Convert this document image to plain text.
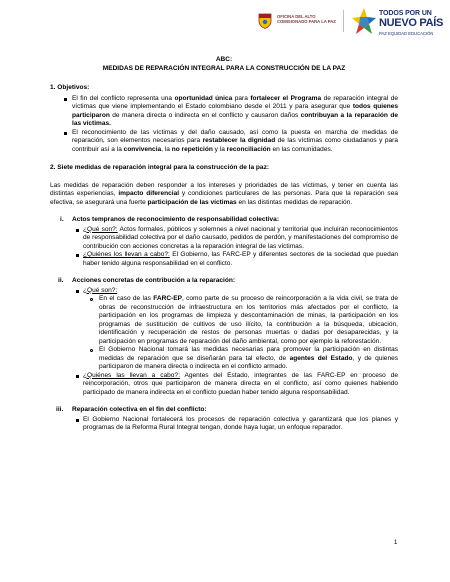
OFICINA DEL ALTO COMISIONADO PARA LA PAZ
TODOS POR UN
NUEVO PAÍS
PAZ EQUIDAD EDUCACIÓN
ABC:
MEDIDAS DE REPARACIÓN INTEGRAL PARA LA CONSTRUCCIÓN DE LA PAZ
1. Objetivos:
El fin del conflicto representa una oportunidad única para fortalecer el Programa de reparación integral de víctimas que viene implementando el Estado colombiano desde el 2011 y para asegurar que todos quienes participaron de manera directa o indirecta en el conflicto y causaron daños contribuyan a la reparación de las víctimas.
El reconocimiento de las víctimas y del daño causado, así como la puesta en marcha de medidas de reparación, son elementos necesarios para restablecer la dignidad de las víctimas como ciudadanos y para contribuir así a la convivencia, la no repetición y la reconciliación en las comunidades.
2. Siete medidas de reparación integral para la construcción de la paz:

Las medidas de reparación deben responder a los intereses y prioridades de las víctimas, y tener en cuenta las distintas experiencias, impacto diferencial y condiciones particulares de las personas. Para que la reparación sea efectiva, se asegurará una fuerte participación de las víctimas en las distintas medidas de reparación.

i. Actos tempranos de reconocimiento de responsabilidad colectiva:
¿Qué son?: Actos formales, públicos y solemnes a nivel nacional y territorial que incluirán reconocimientos de responsabilidad colectiva por el daño causado, pedidos de perdón, y manifestaciones del compromiso de contribución con acciones concretas a la reparación integral de las víctimas.
¿Quiénes los llevan a cabo?: El Gobierno, las FARC-EP y diferentes sectores de la sociedad que puedan haber tenido alguna responsabilidad en el conflicto.
ii. Acciones concretas de contribución a la reparación:
¿Qué son?:
En el caso de las FARC-EP, como parte de su proceso de reincorporación a la vida civil, se trata de obras de reconstrucción de infraestructura en los territorios más afectados por el conflicto, la participación en los programas de limpieza y descontaminación de minas, la participación en los programas de sustitución de cultivos de uso ilícito, la contribución a la búsqueda, ubicación, identificación y recuperación de restos de personas muertas o dadas por desaparecidas, y la participación en programas de reparación del daño ambiental, como por ejemplo la reforestación.
El Gobierno Nacional tomará las medidas necesarias para promover la participación en distintas medidas de reparación que se diseñarán para tal efecto, de agentes del Estado, y de quienes participaron de manera directa o indirecta en el conflicto armado.
¿Quiénes las llevan a cabo?: Agentes del Estado, integrantes de las FARC-EP en proceso de reincorporación, otros que participaron de manera directa en el conflicto, así como quienes habiendo participado de manera indirecta en el conflicto puedan haber tenido alguna responsabilidad.
iii. Reparación colectiva en el fin del conflicto:
El Gobierno Nacional fortalecerá los procesos de reparación colectiva y garantizará que los planes y programas de la Reforma Rural Integral tengan, donde haya lugar, un enfoque reparador.
1
